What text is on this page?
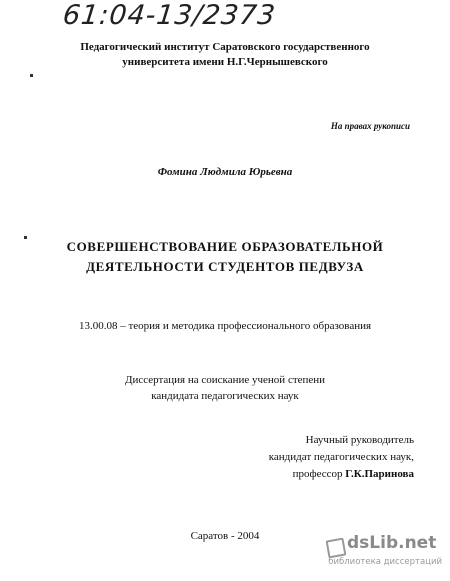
61:04-13/2373
Педагогический институт Саратовского государственного
университета имени Н.Г.Чернышевского
На правах рукописи
Фомина Людмила Юрьевна
СОВЕРШЕНСТВОВАНИЕ ОБРАЗОВАТЕЛЬНОЙ
ДЕЯТЕЛЬНОСТИ СТУДЕНТОВ ПЕДВУЗА
13.00.08 – теория и методика профессионального образования
Диссертация на соискание ученой степени
кандидата педагогических наук
Научный руководитель
кандидат педагогических наук,
профессор Г.К.Паринова
Саратов - 2004	dsLib.net
библиотека диссертаций
